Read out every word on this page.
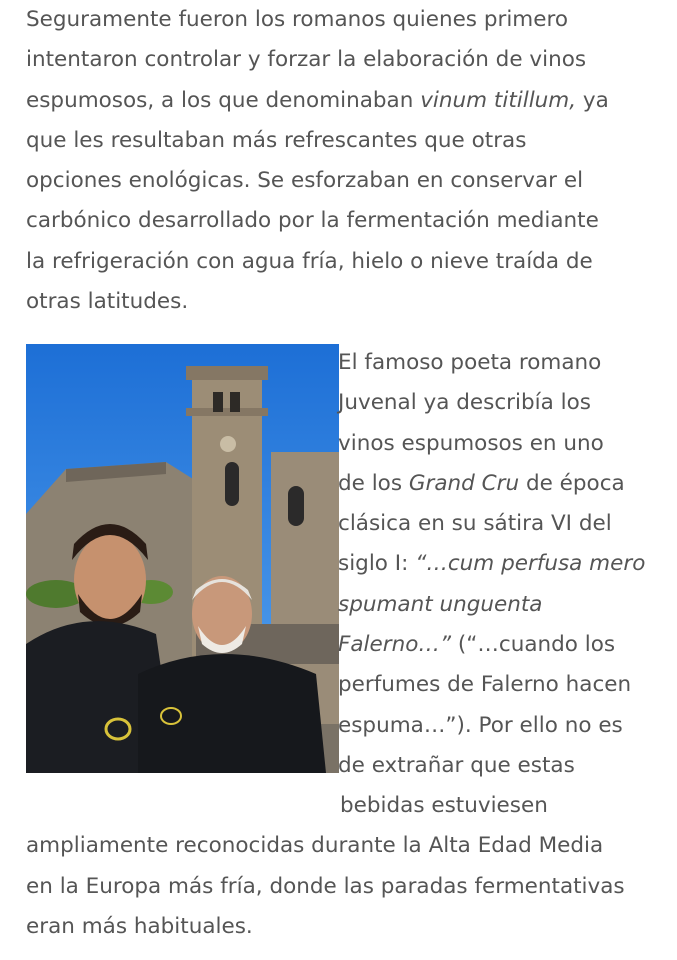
Seguramente fueron los romanos quienes primero
intentaron controlar y forzar la elaboración de vinos
espumosos, a los que denominaban vinum titillum, ya
que les resultaban más refrescantes que otras
opciones enológicas. Se esforzaban en conservar el
carbónico desarrollado por la fermentación mediante
la refrigeración con agua fría, hielo o nieve traída de
otras latitudes.

El famoso poeta romano
Juvenal ya describía los
vinos espumosos en uno
de los Grand Cru de época
clásica en su sátira VI del
siglo I: “…cum perfusa mero
spumant unguenta
Falerno…” (“…cuando los
perfumes de Falerno hacen
espuma…”). Por ello no es
de extrañar que estas

bebidas estuviesen
ampliamente reconocidas durante la Alta Edad Media
en la Europa más fría, donde las paradas fermentativas
eran más habituales.
